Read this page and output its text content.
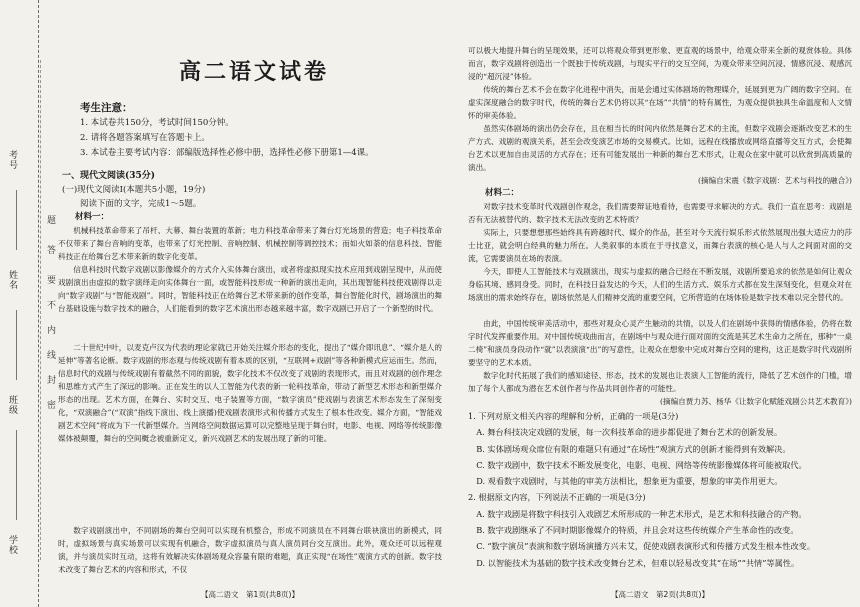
考号
姓名
班级
学校
题
答
要
不
内
线
封
密
高二语文试卷
考生注意：
1. 本试卷共150分，考试时间150分钟。
2. 请将各题答案填写在答题卡上。
3. 本试卷主要考试内容：部编版选择性必修中册，选择性必修下册第1—4课。
一、现代文阅读(35分)
(一)现代文阅读Ⅰ(本题共5小题，19分)
阅读下面的文字，完成1～5题。

材料一：

机械科技革命带来了吊杆、大幕、舞台装置的革新；电力科技革命带来了舞台灯光场景的营造；电子科技革命不仅带来了舞台音响的变革，也带来了灯光控制、音响控制、机械控制等调控技术；而如火如荼的信息科技、智能科技正在给舞台艺术带来新的数字化变革。

信息科技时代数字戏剧以影像媒介的方式介入实体舞台演出，或者将虚拟现实技术应用到戏剧呈现中，从而使戏剧演出由虚拟的数字演绎走向实体舞台一面，或智能科技形成一种新的演出走向，其出现智能科技使戏剧得以走向“数字戏剧”与“智能戏剧”。同时，智能科技正在给舞台艺术带来新的创作变革，舞台智能化时代，剧场演出的舞台基础设施与数字技术的融合，人们能看到的数字艺术演出形态越来越丰富，数字戏剧已开启了一个新型的时代。

二十世纪中叶，以麦克卢汉为代表的理论家就已开始关注媒介形态的变化，提出了“媒介即讯息”、“媒介是人的延伸”等著名论断。数字戏剧的形态观与传统戏剧有着本质的区别，“互联网+戏剧”等各种新模式应运而生。然而，信息时代的戏剧与传统戏剧有着截然不同的面貌，数字化技术不仅改变了戏剧的表现形式，而且对戏剧的创作理念和思维方式产生了深远的影响。正在发生的以人工智能为代表的新一轮科技革命，带动了新型艺术形态和新型媒介形态的出现。艺术方面，在舞台、实时交互、电子装置等方面，“数字演员”使戏剧与表演艺术形态发生了深刻变化，“双演融合”(“双演”指线下演出、线上演播)使戏剧表演形式和传播方式发生了根本性改变。媒介方面，“智能戏剧艺术空间”将成为下一代新型媒介。当网络空间数据运算可以完整地呈现于舞台时，电影、电视、网络等传统影像媒体被颠覆，舞台的空间概念被重新定义，新兴戏剧艺术的发展出现了新的可能。

数字戏剧演出中，不同剧场的舞台空间可以实现有机整合，形成不同演员在不同舞台联袂演出的新模式，同时，虚拟场景与真实场景可以实现有机融合，数字虚拟演员与真人演员同台交互演出。此外，观众还可以远程观演，并与演员实时互动，这将有效解决实体剧场观众容量有限的难题，真正实现“在场性”观演方式的创新。数字技术改变了舞台艺术的内容和形式，不仅

【高二语文　第1页(共8页)】

可以极大地提升舞台的呈现效果，还可以将观众带到更形象、更直观的场景中，给观众带来全新的观赏体验。具体而言，数字戏剧将创造出一个既独于传统戏剧，与现实平行的交互空间，为观众带来空间沉浸、情感沉浸、观感沉浸的“超沉浸”体验。

传统的舞台艺术不会在数字化进程中消失，而是会通过实体剧场的物理媒介，延展到更为广阔的数字空间。在虚实深度融合的数字时代，传统的舞台艺术仍将以其“在场”“共情”的特有属性，为观众提供独具生命温度和人文情怀的审美体验。

虽然实体剧场的演出仍会存在，且在相当长的时间内依然是舞台艺术的主流，但数字戏剧会逐渐改变艺术的生产方式、戏剧的观演关系，甚至会改变演艺市场的交易模式。比如，远程在线播放或网络直播等交互方式，会使舞台艺术以更加自由灵活的方式存在；还有可能发展出一种新的舞台艺术形式，让观众在家中就可以欣赏到高质量的演出。

(摘编自宋震《数字戏剧：艺术与科技的融合》)

材料二：

对数字技术变革时代戏剧创作观念，我们需要辩证地看待，也需要寻求解决的方式。我们一直在思考：戏剧是否有无法被替代的、数字技术无法改变的艺术特质？

实际上，只要想想那些始终具有跨越时代、媒介的作品，甚至对今天流行娱乐形式依然展现出强大适应力的莎士比亚，就会明白经典的魅力所在。人类叙事的本质在于寻找意义，而舞台表演的核心是人与人之间面对面的交流，它需要演员在场的表演。

今天，即使人工智能技术与戏剧演出，现实与虚拟的融合已经在不断发展，戏剧所要追求的依然是如何让观众身临其境、感同身受。同时，在科技日益发达的今天，人们的生活方式、娱乐方式都在发生深刻变化，但观众对在场演出的需求始终存在，剧场依然是人们精神交流的重要空间，它所营造的在场体验是数字技术难以完全替代的。

由此，中国传统审美活动中，那些对观众心灵产生触动的共情，以及人们在剧场中获得的情感体验，仍将在数字时代发挥重要作用。对中国传统戏曲而言，在剧场中与观众进行面对面的交流是其艺术生命力之所在，那种“一桌二椅”和演员身段动作“就”以表演演“出”的写意性，让观众在想象中完成对舞台空间的建构，这正是数字时代戏剧所要坚守的艺术本质。

数字化时代拓展了我们的感知途径、形态，技术的发展也让表演人工智能的流行，降低了艺术创作的门槛，增加了每个人都成为潜在艺术创作者与作品共同创作者的可能性。

(摘编自贾力苏、杨华《让数字化赋能戏剧公共艺术教育》)

1. 下列对原文相关内容的理解和分析，正确的一项是(3分)

A. 舞台科技决定戏剧的发展，每一次科技革命的进步都促进了舞台艺术的创新发展。

B. 实体剧场观众席位有限的难题只有通过“在场性”观演方式的创新才能得到有效解决。

C. 数字戏剧中，数字技术不断发展变化，电影、电视、网络等传统影像媒体将可能被取代。

D. 观看数字戏剧时，与其他的审美方法相比，想象更为重要，想象的审美作用更大。

2. 根据原文内容，下列说法不正确的一项是(3分)

A. 数字戏剧是将数字科技引入戏剧艺术所形成的一种艺术形式，是艺术和科技融合的产物。

B. 数字戏剧继承了不同时期影像媒介的特质，并且会对这些传统媒介产生革命性的改变。

C. “数字演员”表演和数字剧场演播方兴未艾，促使戏剧表演形式和传播方式发生根本性改变。

D. 以智能技术为基础的数字技术改变舞台艺术，但难以轻易改变其“在场”“共情”等属性。

【高二语文　第2页(共8页)】
